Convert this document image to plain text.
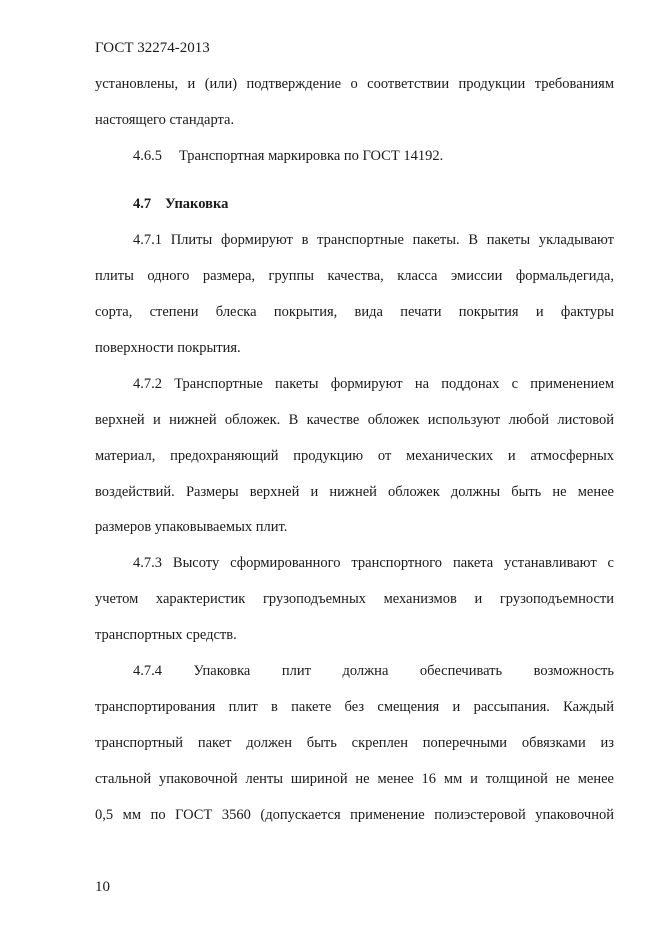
ГОСТ 32274-2013
установлены, и (или) подтверждение о соответствии продукции требованиям
настоящего стандарта.
4.6.5 Транспортная маркировка по ГОСТ 14192.
4.7 Упаковка
4.7.1 Плиты формируют в транспортные пакеты. В пакеты укладывают
плиты одного размера, группы качества, класса эмиссии формальдегида,
сорта, степени блеска покрытия, вида печати покрытия и фактуры
поверхности покрытия.
4.7.2 Транспортные пакеты формируют на поддонах с применением
верхней и нижней обложек. В качестве обложек используют любой листовой
материал, предохраняющий продукцию от механических и атмосферных
воздействий. Размеры верхней и нижней обложек должны быть не менее
размеров упаковываемых плит.
4.7.3 Высоту сформированного транспортного пакета устанавливают с
учетом характеристик грузоподъемных механизмов и грузоподъемности
транспортных средств.
4.7.4 Упаковка плит должна обеспечивать возможность
транспортирования плит в пакете без смещения и рассыпания. Каждый
транспортный пакет должен быть скреплен поперечными обвязками из
стальной упаковочной ленты шириной не менее 16 мм и толщиной не менее
0,5 мм по ГОСТ 3560 (допускается применение полиэстеровой упаковочной
10
